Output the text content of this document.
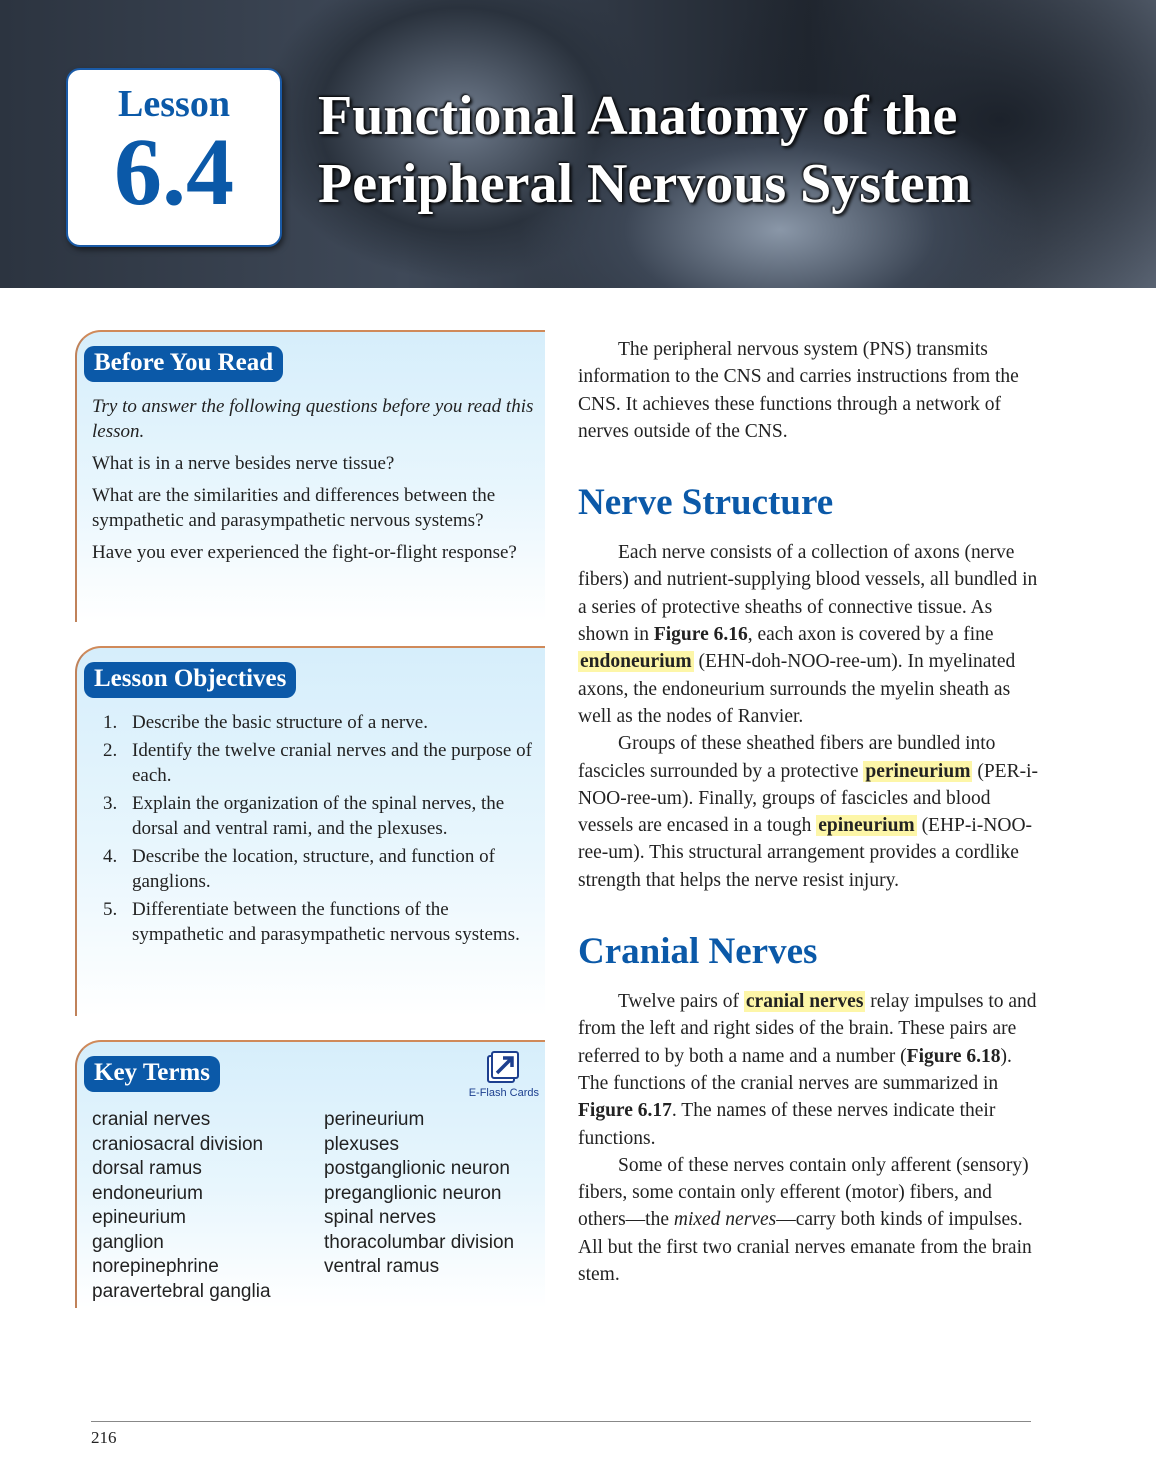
Lesson
6.4
Functional Anatomy of the
Peripheral Nervous System
Before You Read

Try to answer the following questions before you read this lesson.

What is in a nerve besides nerve tissue?

What are the similarities and differences between the sympathetic and parasympathetic nervous systems?

Have you ever experienced the fight-or-flight response?

Lesson Objectives
1. Describe the basic structure of a nerve.
2. Identify the twelve cranial nerves and the purpose of each.
3. Explain the organization of the spinal nerves, the dorsal and ventral rami, and the plexuses.
4. Describe the location, structure, and function of ganglions.
5. Differentiate between the functions of the sympathetic and parasympathetic nervous systems.
Key Terms
E-Flash Cards
cranial nerves
craniosacral division
dorsal ramus
endoneurium
epineurium
ganglion
norepinephrine
paravertebral ganglia
perineurium
plexuses
postganglionic neuron
preganglionic neuron
spinal nerves
thoracolumbar division
ventral ramus

The peripheral nervous system (PNS) transmits information to the CNS and carries instructions from the CNS. It achieves these functions through a network of nerves outside of the CNS.

Nerve Structure

Each nerve consists of a collection of axons (nerve fibers) and nutrient-supplying blood vessels, all bundled in a series of protective sheaths of connective tissue. As shown in Figure 6.16, each axon is covered by a fine endoneurium (EHN-doh-NOO-ree-um). In myelinated axons, the endoneurium surrounds the myelin sheath as well as the nodes of Ranvier.

Groups of these sheathed fibers are bundled into fascicles surrounded by a protective perineurium (PER-i-NOO-ree-um). Finally, groups of fascicles and blood vessels are encased in a tough epineurium (EHP-i-NOO-ree-um). This structural arrangement provides a cordlike strength that helps the nerve resist injury.

Cranial Nerves

Twelve pairs of cranial nerves relay impulses to and from the left and right sides of the brain. These pairs are referred to by both a name and a number (Figure 6.18). The functions of the cranial nerves are summarized in Figure 6.17. The names of these nerves indicate their functions.

Some of these nerves contain only afferent (sensory) fibers, some contain only efferent (motor) fibers, and others—the mixed nerves—carry both kinds of impulses. All but the first two cranial nerves emanate from the brain stem.

216
